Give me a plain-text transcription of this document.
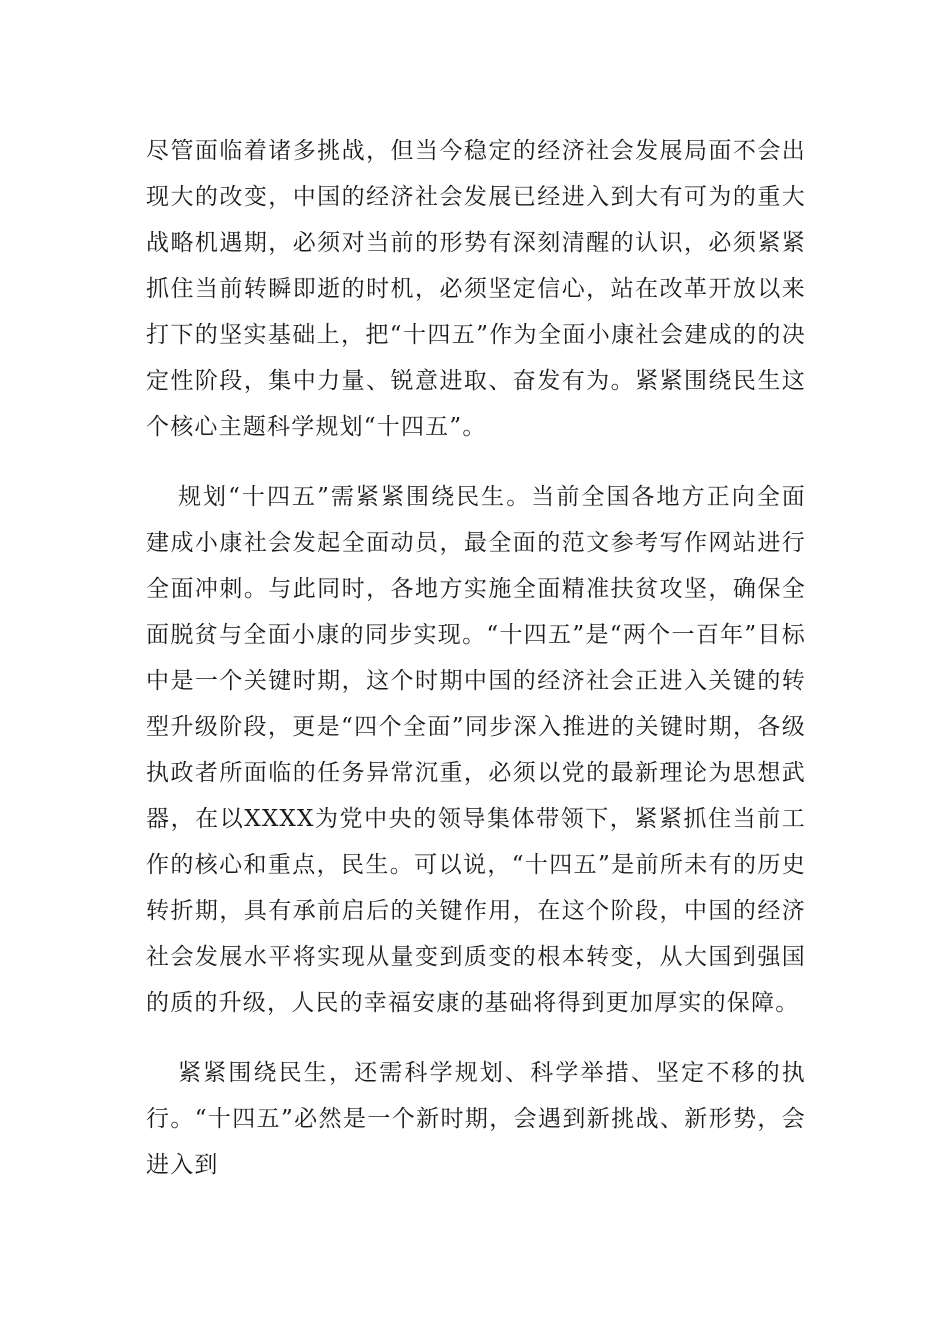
尽管面临着诸多挑战，但当今稳定的经济社会发展局面不会出现大的改变，中国的经济社会发展已经进入到大有可为的重大战略机遇期，必须对当前的形势有深刻清醒的认识，必须紧紧抓住当前转瞬即逝的时机，必须坚定信心，站在改革开放以来打下的坚实基础上，把“十四五”作为全面小康社会建成的的决定性阶段，集中力量、锐意进取、奋发有为。紧紧围绕民生这个核心主题科学规划“十四五”。

规划“十四五”需紧紧围绕民生。当前全国各地方正向全面建成小康社会发起全面动员，最全面的范文参考写作网站进行全面冲刺。与此同时，各地方实施全面精准扶贫攻坚，确保全面脱贫与全面小康的同步实现。“十四五”是“两个一百年”目标中是一个关键时期，这个时期中国的经济社会正进入关键的转型升级阶段，更是“四个全面”同步深入推进的关键时期，各级执政者所面临的任务异常沉重，必须以党的最新理论为思想武器，在以XXXX为党中央的领导集体带领下，紧紧抓住当前工作的核心和重点，民生。可以说，“十四五”是前所未有的历史转折期，具有承前启后的关键作用，在这个阶段，中国的经济社会发展水平将实现从量变到质变的根本转变，从大国到强国的质的升级，人民的幸福安康的基础将得到更加厚实的保障。

紧紧围绕民生，还需科学规划、科学举措、坚定不移的执行。“十四五”必然是一个新时期，会遇到新挑战、新形势，会进入到
